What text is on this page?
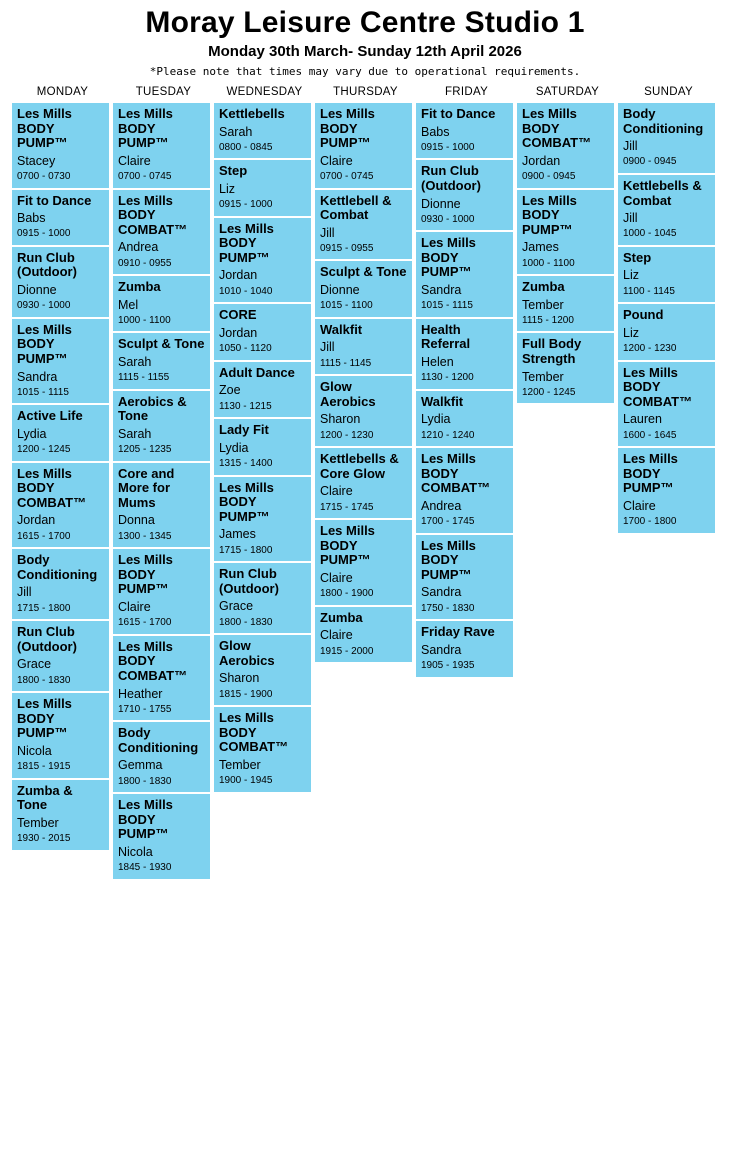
Moray Leisure Centre Studio 1
Monday 30th March- Sunday 12th April 2026
*Please note that times may vary due to operational requirements.
MONDAY
Les Mills BODY PUMP™
Stacey
0700 - 0730
Fit to Dance
Babs
0915 - 1000
Run Club (Outdoor)
Dionne
0930 - 1000
Les Mills BODY PUMP™
Sandra
1015 - 1115
Active Life
Lydia
1200 - 1245
Les Mills BODY COMBAT™
Jordan
1615 - 1700
Body Conditioning
Jill
1715 - 1800
Run Club (Outdoor)
Grace
1800 - 1830
Les Mills BODY PUMP™
Nicola
1815 - 1915
Zumba & Tone
Tember
1930 - 2015
TUESDAY
Les Mills BODY PUMP™
Claire
0700 - 0745
Les Mills BODY COMBAT™
Andrea
0910 - 0955
Zumba
Mel
1000 - 1100
Sculpt & Tone
Sarah
1115 - 1155
Aerobics & Tone
Sarah
1205 - 1235
Core and More for Mums
Donna
1300 - 1345
Les Mills BODY PUMP™
Claire
1615 - 1700
Les Mills BODY COMBAT™
Heather
1710 - 1755
Body Conditioning
Gemma
1800 - 1830
Les Mills BODY PUMP™
Nicola
1845 - 1930
WEDNESDAY
Kettlebells
Sarah
0800 - 0845
Step
Liz
0915 - 1000
Les Mills BODY PUMP™
Jordan
1010 - 1040
CORE
Jordan
1050 - 1120
Adult Dance
Zoe
1130 - 1215
Lady Fit
Lydia
1315 - 1400
Les Mills BODY PUMP™
James
1715 - 1800
Run Club (Outdoor)
Grace
1800 - 1830
Glow Aerobics
Sharon
1815 - 1900
Les Mills BODY COMBAT™
Tember
1900 - 1945
THURSDAY
Les Mills BODY PUMP™
Claire
0700 - 0745
Kettlebell & Combat
Jill
0915 - 0955
Sculpt & Tone
Dionne
1015 - 1100
Walkfit
Jill
1115 - 1145
Glow Aerobics
Sharon
1200 - 1230
Kettlebells & Core Glow
Claire
1715 - 1745
Les Mills BODY PUMP™
Claire
1800 - 1900
Zumba
Claire
1915 - 2000
FRIDAY
Fit to Dance
Babs
0915 - 1000
Run Club (Outdoor)
Dionne
0930 - 1000
Les Mills BODY PUMP™
Sandra
1015 - 1115
Health Referral
Helen
1130 - 1200
Walkfit
Lydia
1210 - 1240
Les Mills BODY COMBAT™
Andrea
1700 - 1745
Les Mills BODY PUMP™
Sandra
1750 - 1830
Friday Rave
Sandra
1905 - 1935
SATURDAY
Les Mills BODY COMBAT™
Jordan
0900 - 0945
Les Mills BODY PUMP™
James
1000 - 1100
Zumba
Tember
1115 - 1200
Full Body Strength
Tember
1200 - 1245
SUNDAY
Body Conditioning
Jill
0900 - 0945
Kettlebells & Combat
Jill
1000 - 1045
Step
Liz
1100 - 1145
Pound
Liz
1200 - 1230
Les Mills BODY COMBAT™
Lauren
1600 - 1645
Les Mills BODY PUMP™
Claire
1700 - 1800
